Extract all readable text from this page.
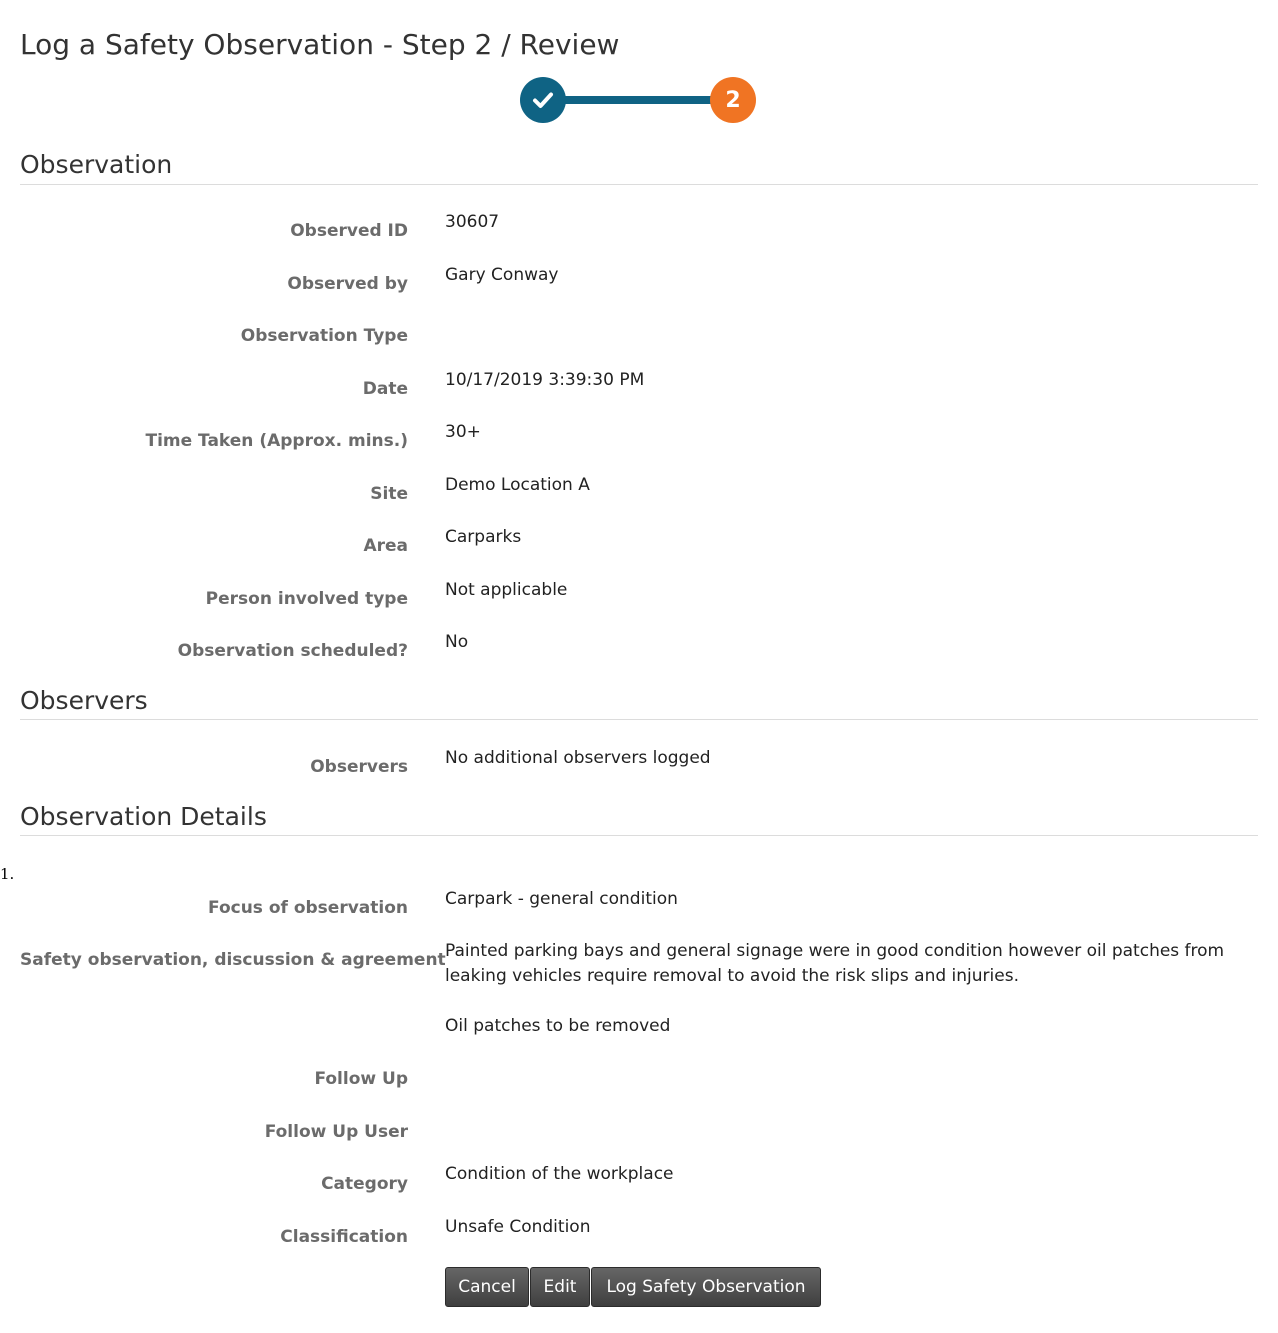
Log a Safety Observation - Step 2 / Review
2
Observation
Observed ID 30607
Observed by Gary Conway
Observation Type
Date 10/17/2019 3:39:30 PM
Time Taken (Approx. mins.) 30+
Site Demo Location A
Area Carparks
Person involved type Not applicable
Observation scheduled? No
Observers
Observers No additional observers logged
Observation Details
1.
Focus of observation Carpark - general condition
Safety observation, discussion & agreement Painted parking bays and general signage were in good condition however oil patches from leaking vehicles require removal to avoid the risk slips and injuries.
Oil patches to be removed
Follow Up
Follow Up User
Category Condition of the workplace
Classification Unsafe Condition
Cancel	Edit	Log Safety Observation
